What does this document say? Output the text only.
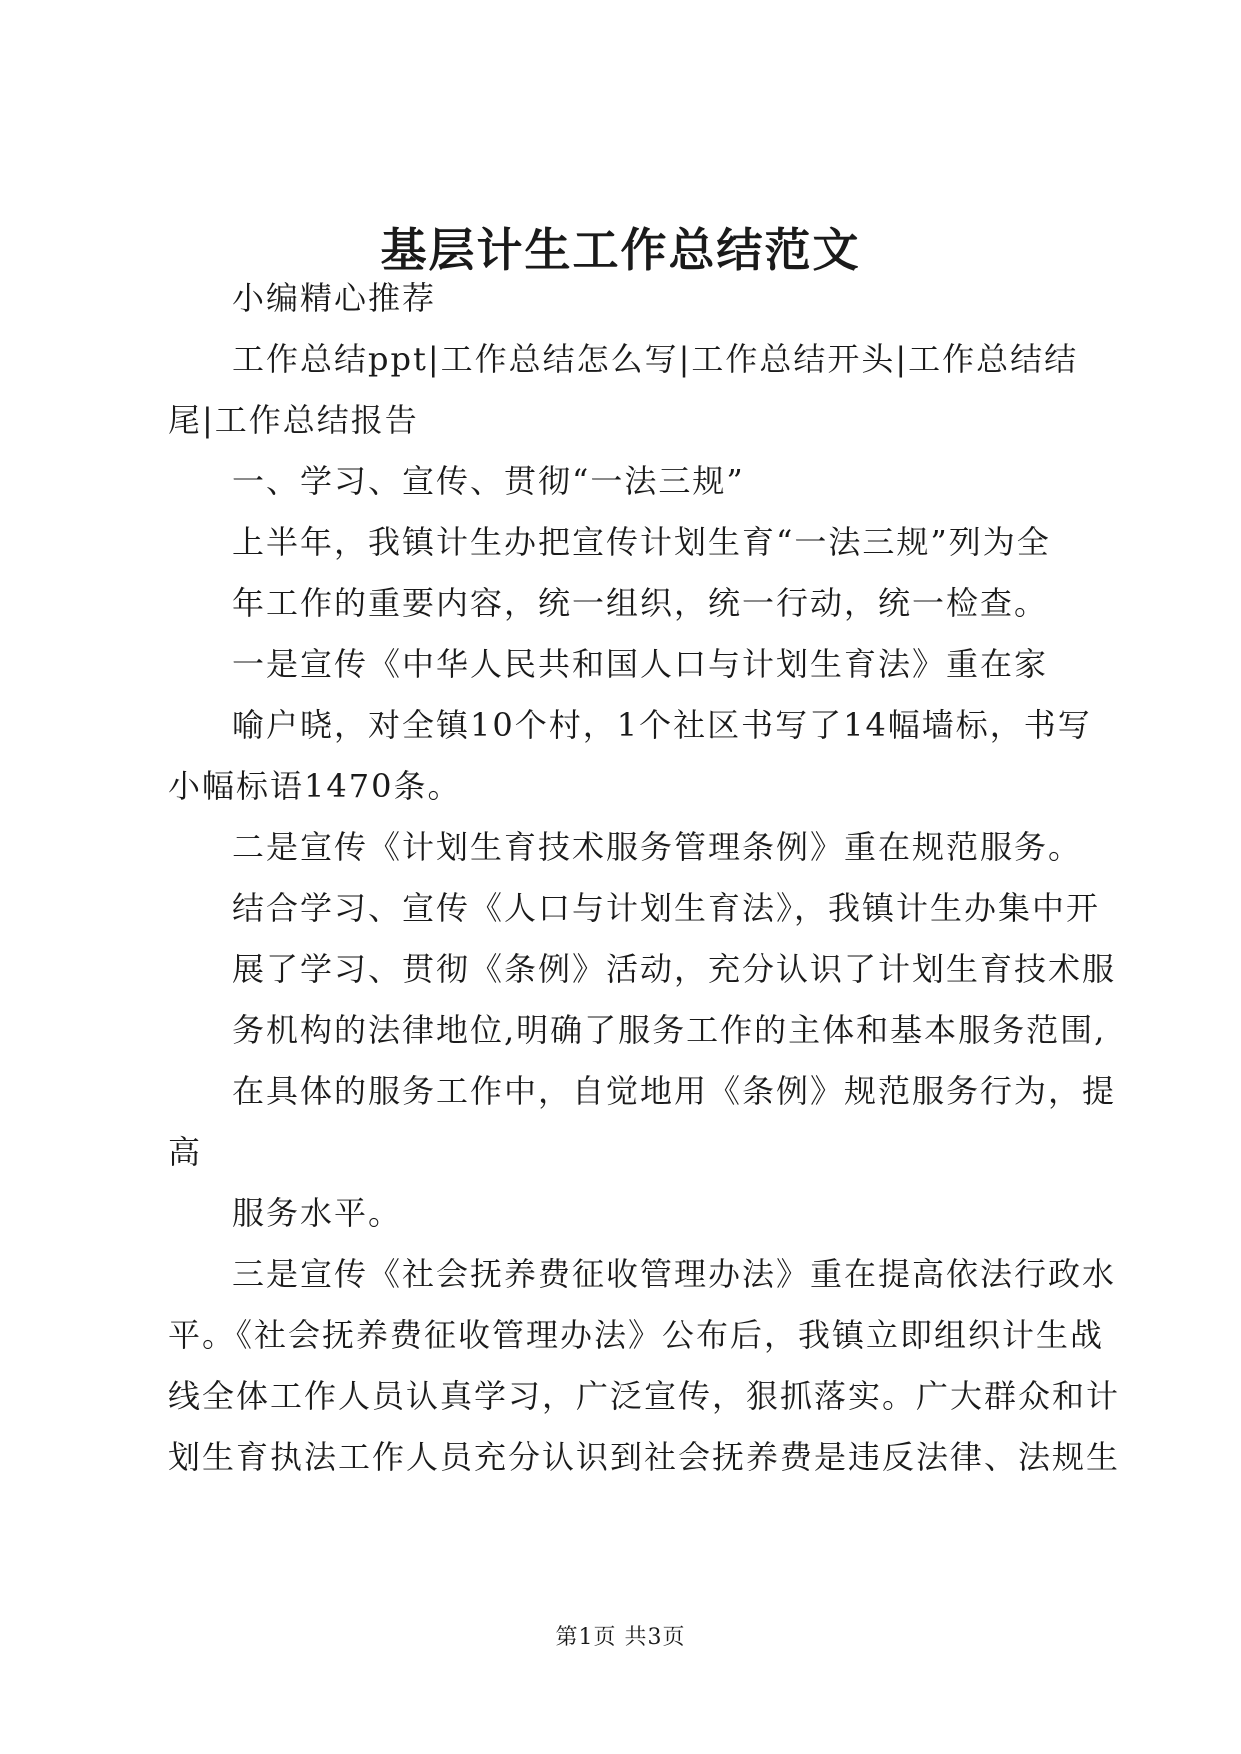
基层计生工作总结范文

小编精心推荐

工作总结ppt|工作总结怎么写|工作总结开头|工作总结结

尾|工作总结报告

一、学习、宣传、贯彻“一法三规”

上半年，我镇计生办把宣传计划生育“一法三规”列为全

年工作的重要内容，统一组织，统一行动，统一检查。

一是宣传《中华人民共和国人口与计划生育法》重在家

喻户晓，对全镇10个村，1个社区书写了14幅墙标，书写

小幅标语1470条。

二是宣传《计划生育技术服务管理条例》重在规范服务。

结合学习、宣传《人口与计划生育法》，我镇计生办集中开

展了学习、贯彻《条例》活动，充分认识了计划生育技术服

务机构的法律地位,明确了服务工作的主体和基本服务范围,

在具体的服务工作中，自觉地用《条例》规范服务行为，提

高

服务水平。

三是宣传《社会抚养费征收管理办法》重在提高依法行政水

平。《社会抚养费征收管理办法》公布后，我镇立即组织计生战

线全体工作人员认真学习，广泛宣传，狠抓落实。广大群众和计

划生育执法工作人员充分认识到社会抚养费是违反法律、法规生

第1页 共3页
